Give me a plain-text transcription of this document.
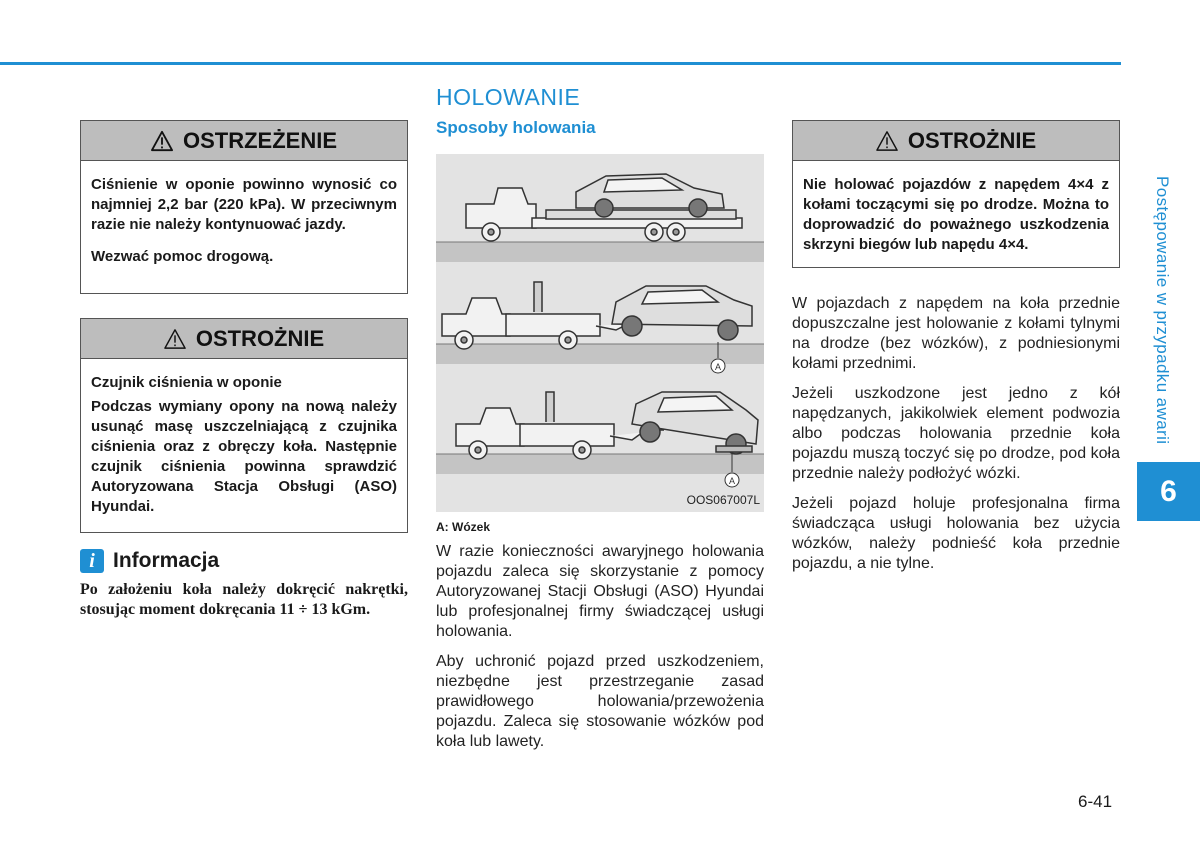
Postępowanie w przypadku awarii
6
OSTRZEŻENIE

Ciśnienie w oponie powinno wynosić co najmniej 2,2 bar (220 kPa). W przeciwnym razie nie należy kontynuować jazdy.

Wezwać pomoc drogową.

OSTROŻNIE

Czujnik ciśnienia w oponie

Podczas wymiany opony na nową należy usunąć masę uszczelniającą z czujnika ciśnienia oraz z obręczy koła. Następnie czujnik ciśnienia powinna sprawdzić Autoryzowana Stacja Obsługi (ASO) Hyundai.

i Informacja
Po założeniu koła należy dokręcić nakrętki, stosując moment dokręcania 11 ÷ 13 kGm.
HOLOWANIE
Sposoby holowania
A
A
OOS067007L
A: Wózek

W razie konieczności awaryjnego holowania pojazdu zaleca się skorzystanie z pomocy Autoryzowanej Stacji Obsługi (ASO) Hyundai lub profesjonalnej firmy świadczącej usługi holowania.

Aby uchronić pojazd przed uszkodzeniem, niezbędne jest przestrzeganie zasad prawidłowego holowania/przewożenia pojazdu. Zaleca się stosowanie wózków pod koła lub lawety.

OSTROŻNIE

Nie holować pojazdów z napędem 4×4 z kołami toczącymi się po drodze. Można to doprowadzić do poważnego uszkodzenia skrzyni biegów lub napędu 4×4.

W pojazdach z napędem na koła przednie dopuszczalne jest holowanie z kołami tylnymi na drodze (bez wózków), z podniesionymi kołami przednimi.

Jeżeli uszkodzone jest jedno z kół napędzanych, jakikolwiek element podwozia albo podczas holowania przednie koła pojazdu muszą toczyć się po drodze, pod koła przednie należy podłożyć wózki.

Jeżeli pojazd holuje profesjonalna firma świadcząca usługi holowania bez użycia wózków, należy podnieść koła przednie pojazdu, a nie tylne.

6-41
